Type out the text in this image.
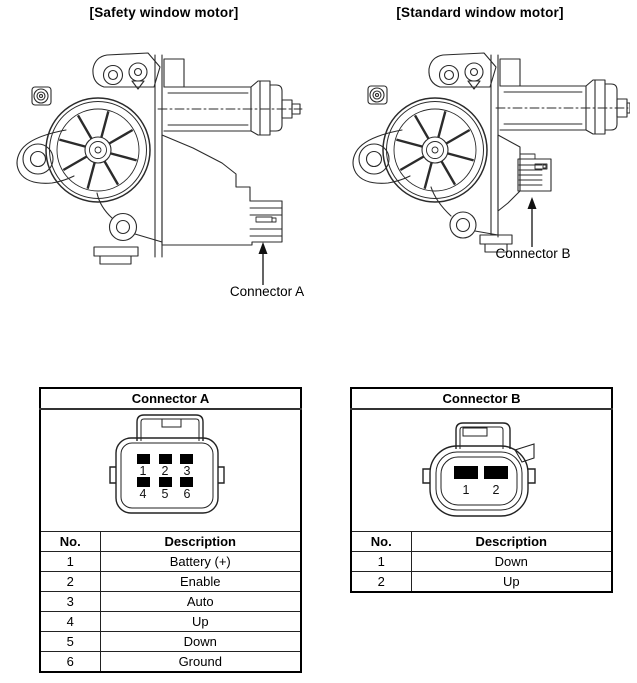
[Safety window motor]	[Standard window motor]
Connector A
Connector B
Connector A	

1 2 3
4 5 6

No.	Description
1	Battery (+)
2	Enable
3	Auto
4	Up
5	Down
6	Ground
Connector B	

1 2	

No.	Description
1	Down
2	Up
